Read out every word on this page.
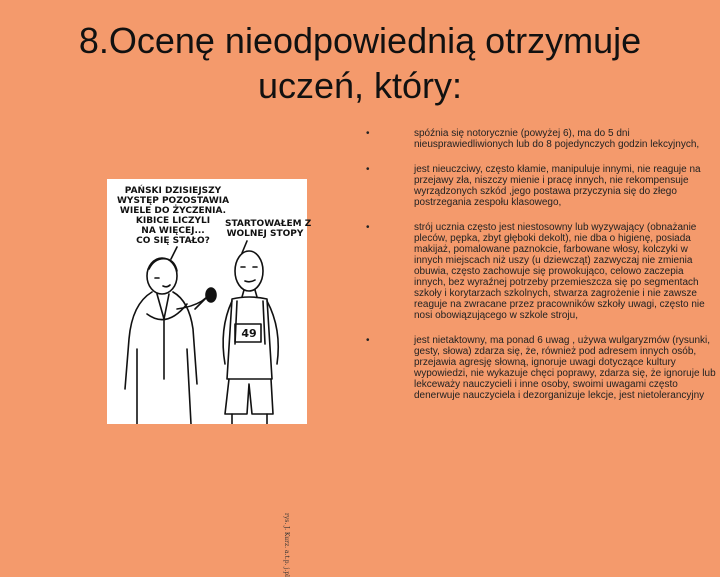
8.Ocenę nieodpowiednią otrzymuje
uczeń, który:
PAŃSKI DZISIEJSZY
WYSTĘP POZOSTAWIA
WIELE DO ŻYCZENIA.
KIBICE LICZYLI
NA WIĘCEJ...
CO SIĘ STAŁO?
STARTOWAŁEM Z
WOLNEJ STOPY
49
rys. J. Kurz. a.t.p. j.pl
•	spóźnia się notorycznie (powyżej 6), ma do 5 dni nieusprawiedliwionych lub do 8 pojedynczych godzin lekcyjnych,
•	jest nieuczciwy, często kłamie, manipuluje innymi, nie reaguje na przejawy zła, niszczy mienie i pracę innych, nie rekompensuje wyrządzonych szkód ,jego postawa przyczynia się do złego postrzegania zespołu klasowego,
•	strój ucznia często jest niestosowny lub wyzywający (obnażanie pleców, pępka, zbyt głęboki dekolt), nie dba o higienę, posiada makijaż, pomalowane paznokcie, farbowane włosy, kolczyki w innych miejscach niż uszy (u dziewcząt) zazwyczaj nie zmienia obuwia, często zachowuje się prowokująco, celowo zaczepia innych, bez wyraźnej potrzeby przemieszcza się po segmentach szkoły i korytarzach szkolnych, stwarza zagrożenie i nie zawsze reaguje na zwracane przez pracowników szkoły uwagi, często nie nosi obowiązującego w szkole stroju,
•	jest nietaktowny, ma ponad 6 uwag , używa wulgaryzmów (rysunki, gesty, słowa) zdarza się, że, również pod adresem innych osób, przejawia agresję słowną, ignoruje uwagi dotyczące kultury wypowiedzi, nie wykazuje chęci poprawy, zdarza się, że ignoruje lub lekceważy nauczycieli i inne osoby, swoimi uwagami często denerwuje nauczyciela i dezorganizuje lekcje, jest nietolerancyjny
